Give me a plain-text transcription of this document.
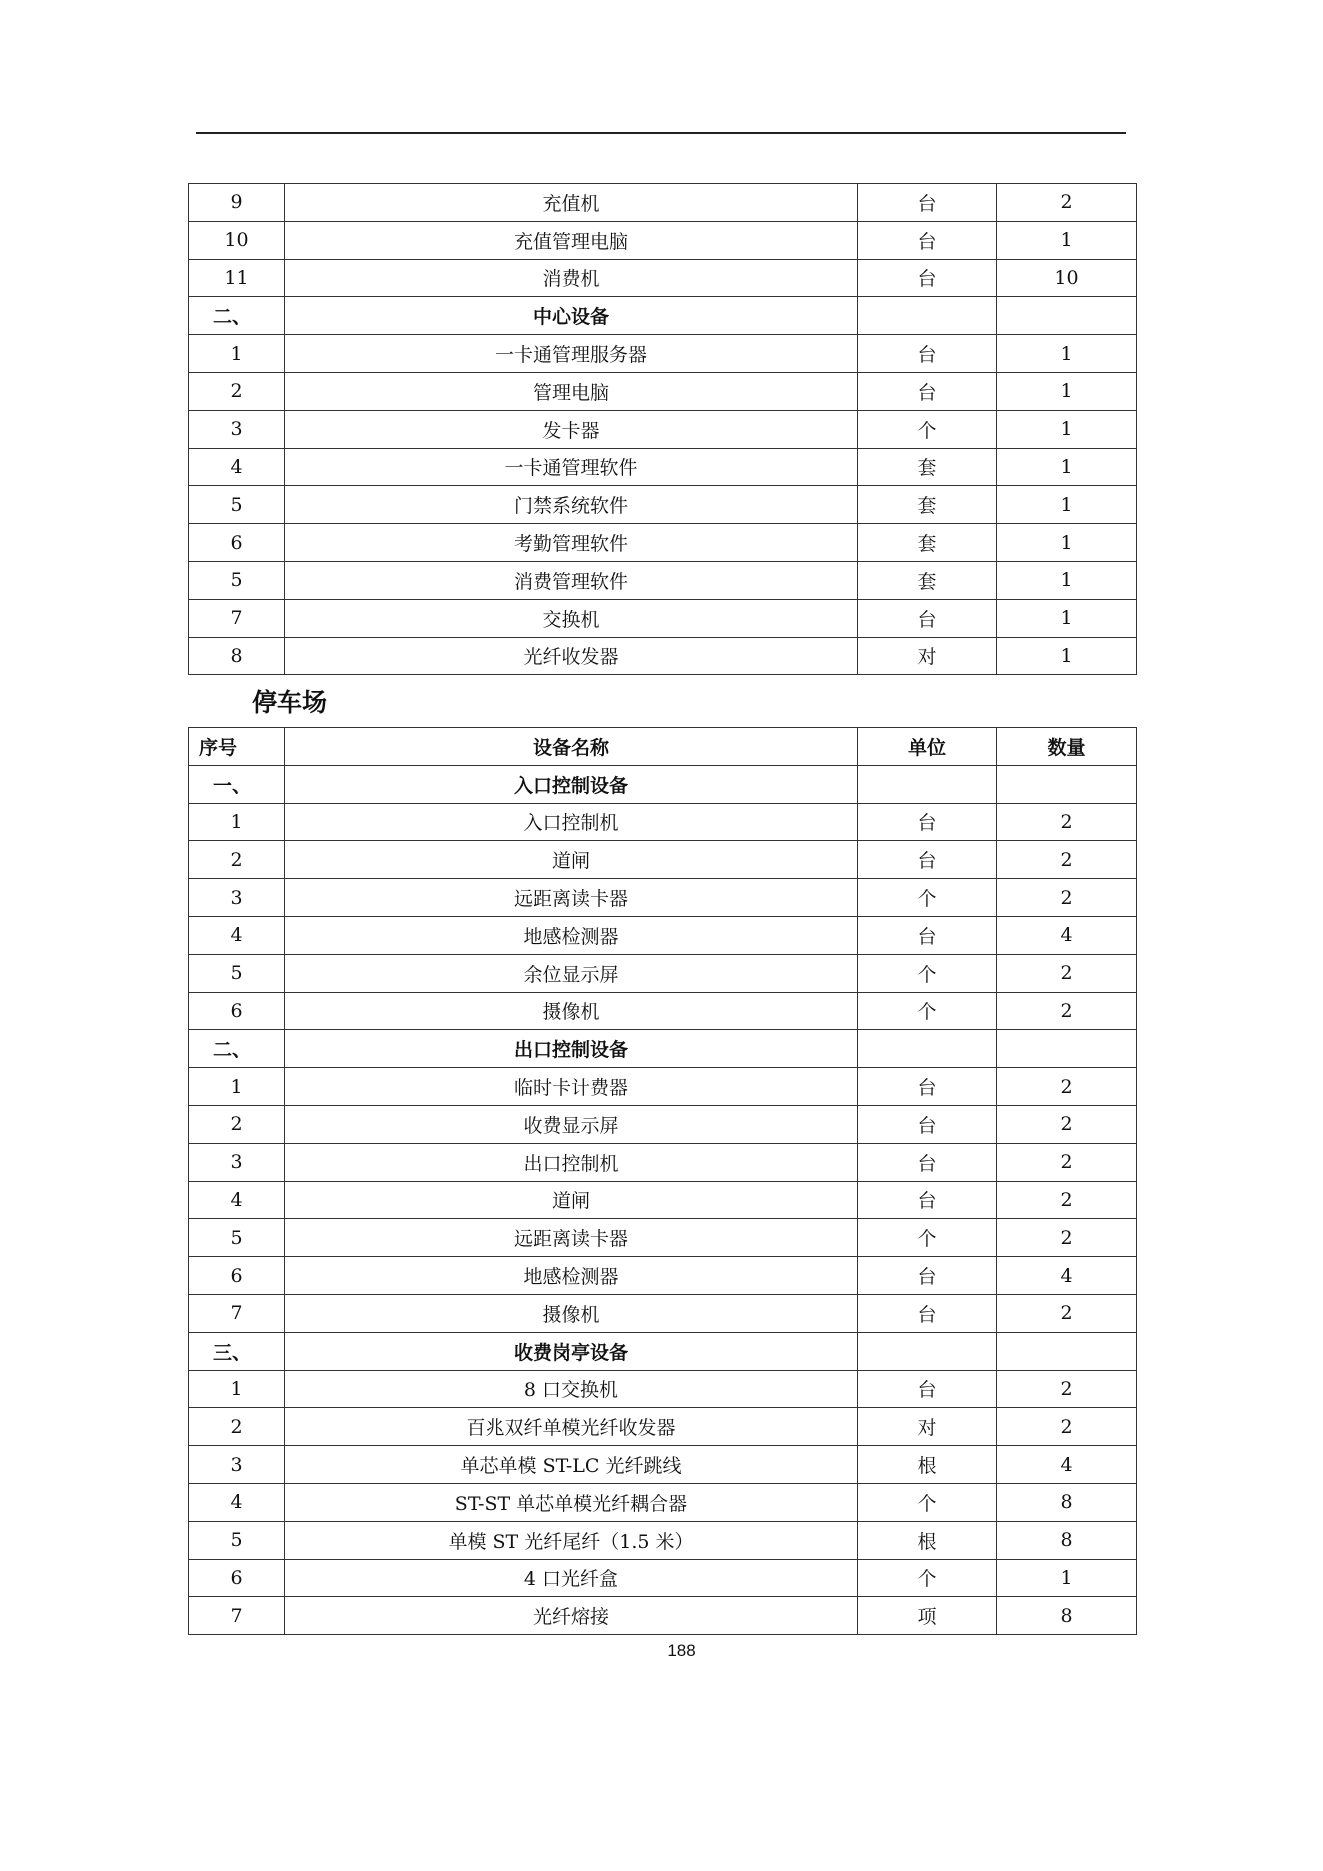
9	充值机	台	2
10	充值管理电脑	台	1
11	消费机	台	10
二、	中心设备		
1	一卡通管理服务器	台	1
2	管理电脑	台	1
3	发卡器	个	1
4	一卡通管理软件	套	1
5	门禁系统软件	套	1
6	考勤管理软件	套	1
5	消费管理软件	套	1
7	交换机	台	1
8	光纤收发器	对	1
停车场
序号	设备名称	单位	数量
一、	入口控制设备		
1	入口控制机	台	2
2	道闸	台	2
3	远距离读卡器	个	2
4	地感检测器	台	4
5	余位显示屏	个	2
6	摄像机	个	2
二、	出口控制设备		
1	临时卡计费器	台	2
2	收费显示屏	台	2
3	出口控制机	台	2
4	道闸	台	2
5	远距离读卡器	个	2
6	地感检测器	台	4
7	摄像机	台	2
三、	收费岗亭设备		
1	8 口交换机	台	2
2	百兆双纤单模光纤收发器	对	2
3	单芯单模 ST-LC 光纤跳线	根	4
4	ST-ST 单芯单模光纤耦合器	个	8
5	单模 ST 光纤尾纤（1.5 米）	根	8
6	4 口光纤盒	个	1
7	光纤熔接	项	8
188
